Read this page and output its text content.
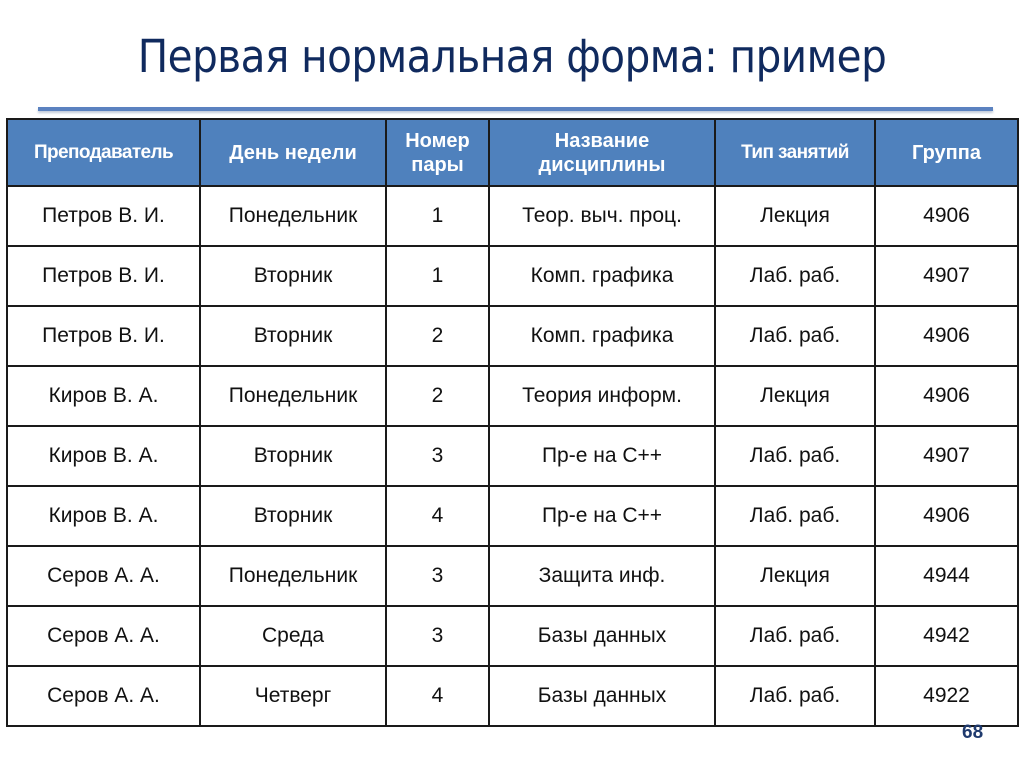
Первая нормальная форма: пример
Преподаватель	День недели	Номер пары	Название дисциплины	Тип занятий	Группа
Петров В. И.	Понедельник	1	Теор. выч. проц.	Лекция	4906
Петров В. И.	Вторник	1	Комп. графика	Лаб. раб.	4907
Петров В. И.	Вторник	2	Комп. графика	Лаб. раб.	4906
Киров В. А.	Понедельник	2	Теория информ.	Лекция	4906
Киров В. А.	Вторник	3	Пр-е на С++	Лаб. раб.	4907
Киров В. А.	Вторник	4	Пр-е на С++	Лаб. раб.	4906
Серов А. А.	Понедельник	3	Защита инф.	Лекция	4944
Серов А. А.	Среда	3	Базы данных	Лаб. раб.	4942
Серов А. А.	Четверг	4	Базы данных	Лаб. раб.	4922
68
